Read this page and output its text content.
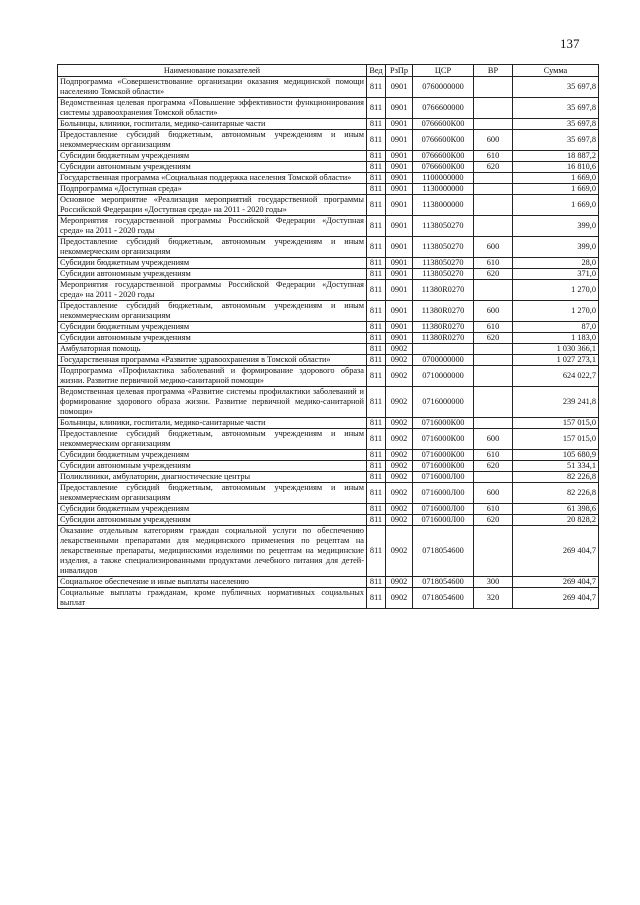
137
Наименование показателей	Вед	РзПр	ЦСР	ВР	Сумма
Подпрограмма «Совершенствование организации оказания медицинской помощи населению Томской области»	811	0901	0760000000		35 697,8
Ведомственная целевая программа «Повышение эффективности функционирования системы здравоохранения Томской области»	811	0901	0766600000		35 697,8
Больницы, клиники, госпитали, медико-санитарные части	811	0901	0766600К00		35 697,8
Предоставление субсидий бюджетным, автономным учреждениям и иным некоммерческим организациям	811	0901	0766600К00	600	35 697,8
Субсидии бюджетным учреждениям	811	0901	0766600К00	610	18 887,2
Субсидии автономным учреждениям	811	0901	0766600К00	620	16 810,6
Государственная программа «Социальная поддержка населения Томской области»	811	0901	1100000000		1 669,0
Подпрограмма «Доступная среда»	811	0901	1130000000		1 669,0
Основное мероприятие «Реализация мероприятий государственной программы Российской Федерации «Доступная среда» на 2011 - 2020 годы»	811	0901	1138000000		1 669,0
Мероприятия государственной программы Российской Федерации «Доступная среда» на 2011 - 2020 годы	811	0901	1138050270		399,0
Предоставление субсидий бюджетным, автономным учреждениям и иным некоммерческим организациям	811	0901	1138050270	600	399,0
Субсидии бюджетным учреждениям	811	0901	1138050270	610	28,0
Субсидии автономным учреждениям	811	0901	1138050270	620	371,0
Мероприятия государственной программы Российской Федерации «Доступная среда» на 2011 - 2020 годы	811	0901	11380R0270		1 270,0
Предоставление субсидий бюджетным, автономным учреждениям и иным некоммерческим организациям	811	0901	11380R0270	600	1 270,0
Субсидии бюджетным учреждениям	811	0901	11380R0270	610	87,0
Субсидии автономным учреждениям	811	0901	11380R0270	620	1 183,0
Амбулаторная помощь	811	0902			1 030 366,1
Государственная программа «Развитие здравоохранения в Томской области»	811	0902	0700000000		1 027 273,1
Подпрограмма «Профилактика заболеваний и формирование здорового образа жизни. Развитие первичной медико-санитарной помощи»	811	0902	0710000000		624 022,7
Ведомственная целевая программа «Развитие системы профилактики заболеваний и формирование здорового образа жизни. Развитие первичной медико-санитарной помощи»	811	0902	0716000000		239 241,8
Больницы, клиники, госпитали, медико-санитарные части	811	0902	0716000К00		157 015,0
Предоставление субсидий бюджетным, автономным учреждениям и иным некоммерческим организациям	811	0902	0716000К00	600	157 015,0
Субсидии бюджетным учреждениям	811	0902	0716000К00	610	105 680,9
Субсидии автономным учреждениям	811	0902	0716000К00	620	51 334,1
Поликлиники, амбулатории, диагностические центры	811	0902	0716000Л00		82 226,8
Предоставление субсидий бюджетным, автономным учреждениям и иным некоммерческим организациям	811	0902	0716000Л00	600	82 226,8
Субсидии бюджетным учреждениям	811	0902	0716000Л00	610	61 398,6
Субсидии автономным учреждениям	811	0902	0716000Л00	620	20 828,2
Оказание отдельным категориям граждан социальной услуги по обеспечению лекарственными препаратами для медицинского применения по рецептам на лекарственные препараты, медицинскими изделиями по рецептам на медицинские изделия, а также специализированными продуктами лечебного питания для детей-инвалидов	811	0902	0718054600		269 404,7
Социальное обеспечение и иные выплаты населению	811	0902	0718054600	300	269 404,7
Социальные выплаты гражданам, кроме публичных нормативных социальных выплат	811	0902	0718054600	320	269 404,7
